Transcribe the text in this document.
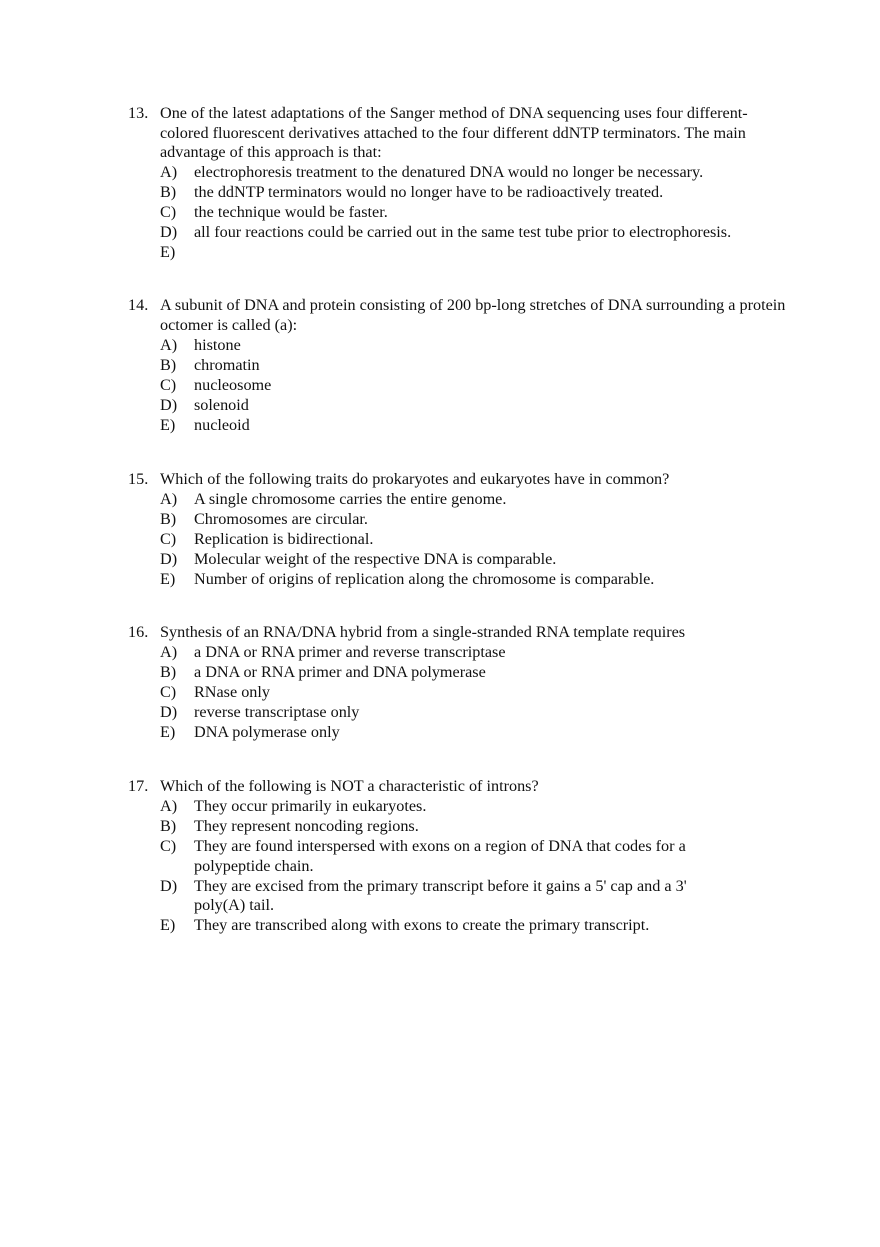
13. One of the latest adaptations of the Sanger method of DNA sequencing uses four different-colored fluorescent derivatives attached to the four different ddNTP terminators. The main advantage of this approach is that:
A) electrophoresis treatment to the denatured DNA would no longer be necessary.
B) the ddNTP terminators would no longer have to be radioactively treated.
C) the technique would be faster.
D) all four reactions could be carried out in the same test tube prior to electrophoresis.
E)
14. A subunit of DNA and protein consisting of 200 bp-long stretches of DNA surrounding a protein octomer is called (a):
A) histone
B) chromatin
C) nucleosome
D) solenoid
E) nucleoid
15. Which of the following traits do prokaryotes and eukaryotes have in common?
A) A single chromosome carries the entire genome.
B) Chromosomes are circular.
C) Replication is bidirectional.
D) Molecular weight of the respective DNA is comparable.
E) Number of origins of replication along the chromosome is comparable.
16. Synthesis of an RNA/DNA hybrid from a single-stranded RNA template requires
A) a DNA or RNA primer and reverse transcriptase
B) a DNA or RNA primer and DNA polymerase
C) RNase only
D) reverse transcriptase only
E) DNA polymerase only
17. Which of the following is NOT a characteristic of introns?
A) They occur primarily in eukaryotes.
B) They represent noncoding regions.
C) They are found interspersed with exons on a region of DNA that codes for a polypeptide chain.
D) They are excised from the primary transcript before it gains a 5' cap and a 3' poly(A) tail.
E) They are transcribed along with exons to create the primary transcript.
